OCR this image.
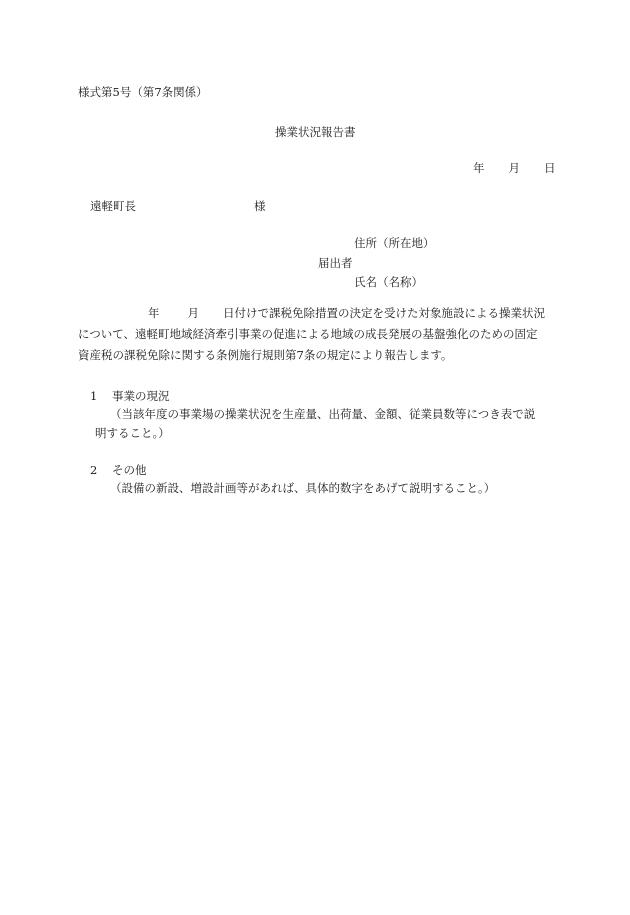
様式第5号（第7条関係）
操業状況報告書
年 月 日
遠軽町長	様
住所（所在地）
届出者
氏名（名称）
年 月 日付けで課税免除措置の決定を受けた対象施設による操業状況
について、遠軽町地域経済牽引事業の促進による地域の成長発展の基盤強化のための固定
資産税の課税免除に関する条例施行規則第7条の規定により報告します。
1 事業の現況
（当該年度の事業場の操業状況を生産量、出荷量、金額、従業員数等につき表で説
明すること。）
2 その他
（設備の新設、増設計画等があれば、具体的数字をあげて説明すること。）
